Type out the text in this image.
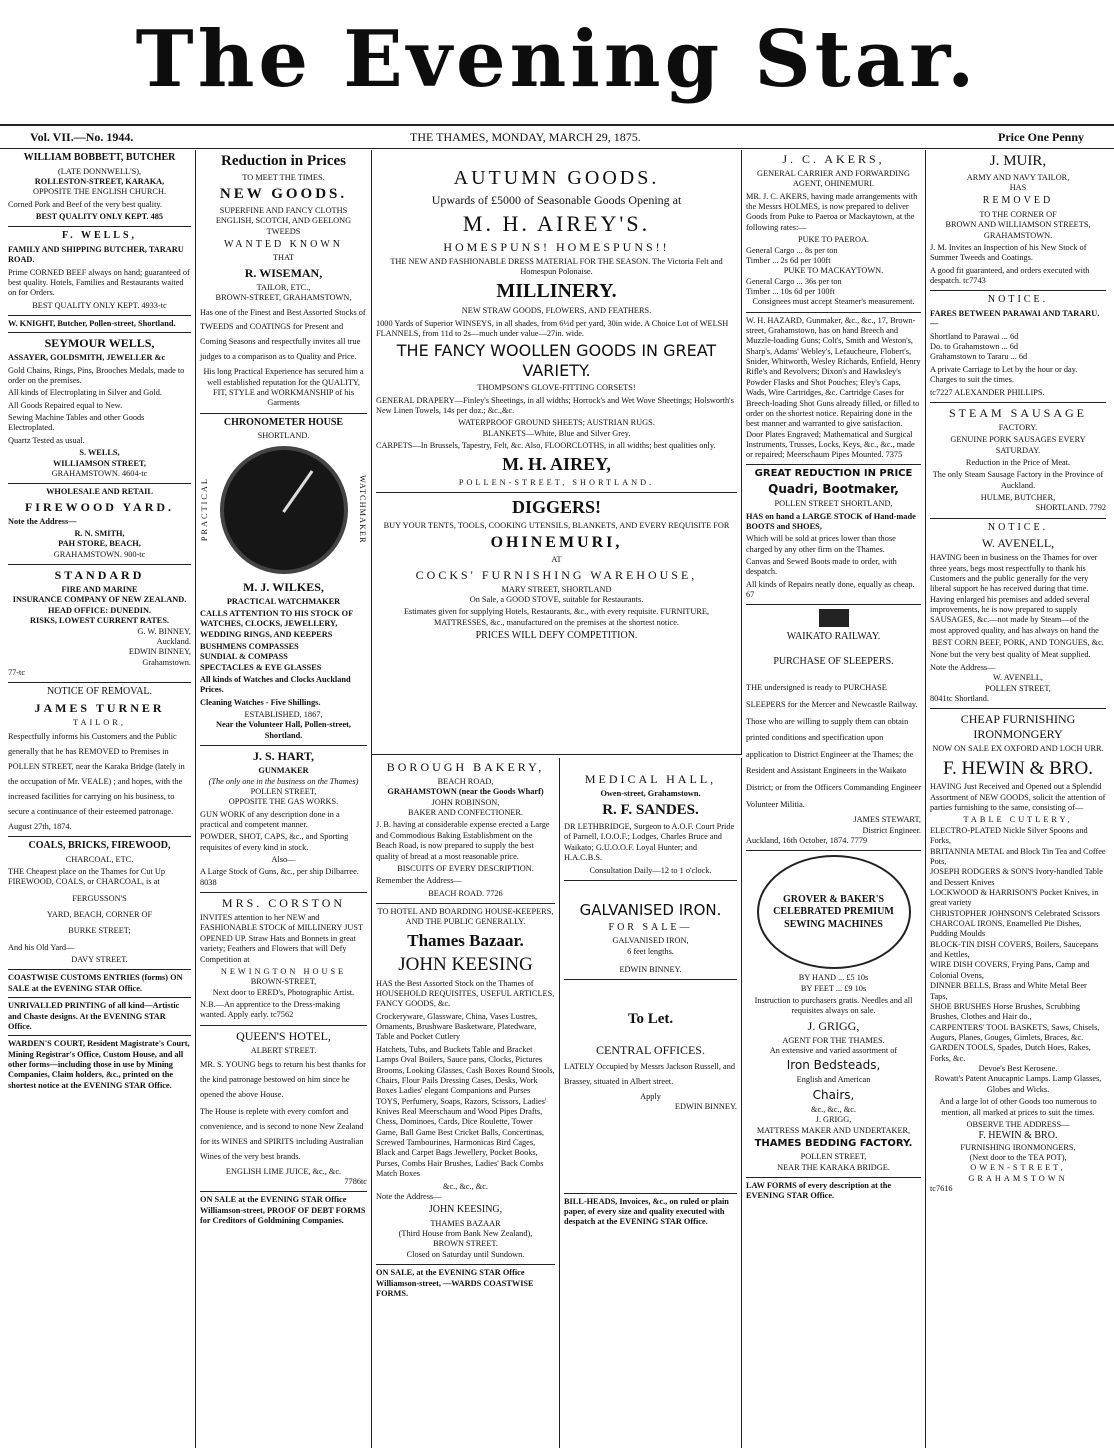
The Evening Star.
Vol. VII.—No. 1944.	THE THAMES, MONDAY, MARCH 29, 1875.	Price One Penny
WILLIAM BOBBETT, BUTCHER
(LATE DONNWELL'S),
ROLLESTON-STREET, KARAKA,
OPPOSITE THE ENGLISH CHURCH.

Corned Pork and Beef of the very best quality.

BEST QUALITY ONLY KEPT. 485
F. WELLS,
FAMILY AND SHIPPING BUTCHER, TARARU ROAD.

Prime CORNED BEEF always on hand; guaranteed of best quality. Hotels, Families and Restaurants waited on for Orders.

BEST QUALITY ONLY KEPT. 4933-tc

W. KNIGHT, Butcher, Pollen-street, Shortland.

SEYMOUR WELLS,
ASSAYER, GOLDSMITH, JEWELLER &c

Gold Chains, Rings, Pins, Brooches Medals, made to order on the premises.

All kinds of Electroplating in Silver and Gold.

All Goods Repaired equal to New.

Sewing Machine Tables and other Goods Electroplated.

Quartz Tested as usual.

S. WELLS,
WILLIAMSON STREET,
GRAHAMSTOWN. 4604-tc
WHOLESALE AND RETAIL
FIREWOOD YARD.

Note the Address—

R. N. SMITH,
PAH STORE, BEACH,
GRAHAMSTOWN. 900-tc
STANDARD
FIRE AND MARINE
INSURANCE COMPANY OF NEW ZEALAND.
HEAD OFFICE: DUNEDIN.
RISKS, LOWEST CURRENT RATES.
G. W. BINNEY,
Auckland.
EDWIN BINNEY,
Grahamstown.
77-tc
NOTICE OF REMOVAL.
JAMES TURNER
TAILOR,

Respectfully informs his Customers and the Public generally that he has REMOVED to Premises in POLLEN STREET, near the Karaka Bridge (lately in the occupation of Mr. VEALE) ; and hopes, with the increased facilities for carrying on his business, to secure a continuance of their esteemed patronage.

August 27th, 1874.

COALS, BRICKS, FIREWOOD,
CHARCOAL, ETC.

THE Cheapest place on the Thames for Cut Up FIREWOOD, COALS, or CHARCOAL, is at

FERGUSSON'S
YARD, BEACH, CORNER OF
BURKE STREET;

And his Old Yard—

DAVY STREET.

COASTWISE CUSTOMS ENTRIES (forms) ON SALE at the EVENING STAR Office.

UNRIVALLED PRINTING of all kind—Artistic and Chaste designs. At the EVENING STAR Office.

WARDEN'S COURT, Resident Magistrate's Court, Mining Registrar's Office, Custom House, and all other forms—including those in use by Mining Companies, Claim holders, &c., printed on the shortest notice at the EVENING STAR Office.

Reduction in Prices
TO MEET THE TIMES.
NEW GOODS.
SUPERFINE AND FANCY CLOTHS
ENGLISH, SCOTCH, AND GEELONG TWEEDS
WANTED KNOWN
THAT
R. WISEMAN,
TAILOR, ETC.,
BROWN-STREET, GRAHAMSTOWN,

Has one of the Finest and Best Assorted Stocks of TWEEDS and COATINGS for Present and Coming Seasons and respectfully invites all true judges to a comparison as to Quality and Price.

His long Practical Experience has secured him a well established reputation for the QUALITY, FIT, STYLE and WORKMANSHIP of his Garments

CHRONOMETER HOUSE
SHORTLAND.
PRACTICAL	WATCHMAKER
M. J. WILKES,
PRACTICAL WATCHMAKER

CALLS ATTENTION TO HIS STOCK OF WATCHES, CLOCKS, JEWELLERY, WEDDING RINGS, AND KEEPERS

BUSHMENS COMPASSES
SUNDIAL & COMPASS
SPECTACLES & EYE GLASSES

All kinds of Watches and Clocks Auckland Prices.

Cleaning Watches - Five Shillings.

ESTABLISHED, 1867,
Near the Volunteer Hall, Pollen-street, Shortland.
J. S. HART,
GUNMAKER
(The only one in the business on the Thames)
POLLEN STREET,
OPPOSITE THE GAS WORKS.

GUN WORK of any description done in a practical and competent manner.

POWDER, SHOT, CAPS, &c., and Sporting requisites of every kind in stock.

Also—

A Large Stock of Guns, &c., per ship Dilbarree. 8038

MRS. CORSTON

INVITES attention to her NEW and FASHIONABLE STOCK of MILLINERY JUST OPENED UP. Straw Hats and Bonnets in great variety; Feathers and Flowers that will Defy Competition at

NEWINGTON HOUSE
BROWN-STREET,
Next door to ERED's, Photographic Artist.

N.B.—An apprentice to the Dress-making wanted. Apply early. tc7562

QUEEN'S HOTEL,
ALBERT STREET.

MR. S. YOUNG begs to return his best thanks for the kind patronage bestowed on him since he opened the above House.

The House is replete with every comfort and convenience, and is second to none New Zealand for its WINES and SPIRITS including Australian Wines of the very best brands.

ENGLISH LIME JUICE, &c., &c.
7786tc

ON SALE at the EVENING STAR Office Williamson-street, PROOF OF DEBT FORMS for Creditors of Goldmining Companies.

AUTUMN GOODS.
Upwards of £5000 of Seasonable Goods Opening at
M. H. AIREY'S.
HOMESPUNS! HOMESPUNS!!

THE NEW AND FASHIONABLE DRESS MATERIAL FOR THE SEASON. The Victoria Felt and Homespun Polonaise.

MILLINERY.
NEW STRAW GOODS, FLOWERS, AND FEATHERS.

1000 Yards of Superior WINSEYS, in all shades, from 6½d per yard, 30in wide. A Choice Lot of WELSH FLANNELS, from 11d to 2s—much under value—27in. wide.

THE FANCY WOOLLEN GOODS IN GREAT VARIETY.
THOMPSON'S GLOVE-FITTING CORSETS!

GENERAL DRAPERY—Finley's Sheetings, in all widths; Horrock's and Wet Wove Sheetings; Holsworth's New Linen Towels, 14s per doz.; &c.,&c.

WATERPROOF GROUND SHEETS; AUSTRIAN RUGS.
BLANKETS—White, Blue and Silver Grey.

CARPETS—In Brussels, Tapestry, Felt, &c. Also, FLOORCLOTHS, in all widths; best qualities only.

M. H. AIREY,
POLLEN-STREET, SHORTLAND.
DIGGERS!

BUY YOUR TENTS, TOOLS, COOKING UTENSILS, BLANKETS, AND EVERY REQUISITE FOR

OHINEMURI,
AT
COCKS' FURNISHING WAREHOUSE,
MARY STREET, SHORTLAND
On Sale, a GOOD STOVE, suitable for Restaurants.

Estimates given for supplying Hotels, Restaurants, &c., with every requisite. FURNITURE, MATTRESSES, &c., manufactured on the premises at the shortest notice.

PRICES WILL DEFY COMPETITION.
BOROUGH BAKERY,
BEACH ROAD,
GRAHAMSTOWN (near the Goods Wharf)
JOHN ROBINSON,
BAKER AND CONFECTIONER.

J. B. having at considerable expense erected a Large and Commodious Baking Establishment on the Beach Road, is now prepared to supply the best quality of bread at a most reasonable price.

BISCUITS OF EVERY DESCRIPTION.

Remember the Address—

BEACH ROAD. 7726
TO HOTEL AND BOARDING HOUSE-KEEPERS, AND THE PUBLIC GENERALLY.
Thames Bazaar.
JOHN KEESING

HAS the Best Assorted Stock on the Thames of HOUSEHOLD REQUISITES, USEFUL ARTICLES, FANCY GOODS, &c.

Crockeryware, Glassware, China, Vases Lustres, Ornaments, Brushware Basketware, Platedware, Table and Pocket Cutlery

Hatchets, Tubs, and Buckets Table and Bracket Lamps Oval Boilers, Sauce pans, Clocks, Pictures Brooms, Looking Glasses, Cash Boxes Round Stools, Chairs, Flour Pails Dressing Cases, Desks, Work Boxes Ladies' elegant Companions and Purses TOYS, Perfumery, Soaps, Razors, Scissors, Ladies' Knives Real Meerschaum and Wood Pipes Drafts, Chess, Dominoes, Cards, Dice Roulette, Tower Game, Ball Game Best Cricket Balls, Concertinas, Screwed Tambourines, Harmonicas Bird Cages, Black and Carpet Bags Jewellery, Pocket Books, Purses, Combs Hair Brushes, Ladies' Back Combs Match Boxes

&c., &c., &c.
Note the Address—
JOHN KEESING,
THAMES BAZAAR
(Third House from Bank New Zealand),
BROWN STREET.
Closed on Saturday until Sundown.

ON SALE, at the EVENING STAR Office Williamson-street, —WARDS COASTWISE FORMS.

MEDICAL HALL,
Owen-street, Grahamstown.
R. F. SANDES.

DR LETHBRIDGE, Surgeon to A.O.F. Court Pride of Parnell, I.O.O.F.; Lodges, Charles Bruce and Waikato; G.U.O.O.F. Loyal Hunter; and H.A.C.B.S.

Consultation Daily—12 to 1 o'clock.
GALVANISED IRON.
FOR SALE—
GALVANISED IRON,
6 feet lengths.
EDWIN BINNEY.
To Let.
CENTRAL OFFICES.

LATELY Occupied by Messrs Jackson Russell, and Brassey, situated in Albert street.

Apply
EDWIN BINNEY.

BILL-HEADS, Invoices, &c., on ruled or plain paper, of every size and quality executed with despatch at the EVENING STAR Office.

J. C. AKERS,
GENERAL CARRIER AND FORWARDING AGENT, OHINEMURI.

MR. J. C. AKERS, having made arrangements with the Messrs HOLMES, is now prepared to deliver Goods from Puke to Paeroa or Mackaytown, at the following rates:—

PUKE TO PAEROA.
General Cargo ... 8s per ton
Timber ... 2s 6d per 100ft
PUKE TO MACKAYTOWN.
General Cargo ... 36s per ton
Timber ... 10s 6d per 100ft
Consignees must accept Steamer's measurement.

W. H. HAZARD, Gunmaker, &c., &c., 17, Brown-street, Grahamstown, has on hand Breech and Muzzle-loading Guns; Colt's, Smith and Weston's, Sharp's, Adams' Webley's, Lefaucheure, Flobert's, Snider, Whitworth, Wesley Richards, Enfield, Henry Rifle's and Revolvers; Dixon's and Hawksley's Powder Flasks and Shot Pouches; Eley's Caps, Wads, Wire Cartridges, &c. Cartridge Cases for Breech-loading Shot Guns already filled, or filled to order on the shortest notice. Repairing done in the best manner and warranted to give satisfaction. Door Plates Engraved; Mathematical and Surgical Instruments, Trusses, Locks, Keys, &c., &c., made or repaired; Meerschaum Pipes Mounted. 7375

GREAT REDUCTION IN PRICE
Quadri, Bootmaker,
POLLEN STREET SHORTLAND,

HAS on hand a LARGE STOCK of Hand-made BOOTS and SHOES,

Which will be sold at prices lower than those charged by any other firm on the Thames.

Canvas and Sewed Boots made to order, with despatch.

All kinds of Repairs neatly done, equally as cheap. 67

WAIKATO RAILWAY.
PURCHASE OF SLEEPERS.

THE undersigned is ready to PURCHASE SLEEPERS for the Mercer and Newcastle Railway. Those who are willing to supply them can obtain printed conditions and specification upon application to District Engineer at the Thames; the Resident and Assistant Engineers in the Waikato District; or from the Officers Commanding Engineer Volunteer Militia.

JAMES STEWART,
District Engineer.
Auckland, 16th October, 1874. 7779
GROVER & BAKER'S CELEBRATED PREMIUM SEWING MACHINES
BY HAND ... £5 10s
BY FEET ... £9 10s

Instruction to purchasers gratis. Needles and all requisites always on sale.

J. GRIGG,
AGENT FOR THE THAMES.
An extensive and varied assortment of
Iron Bedsteads,
English and American
Chairs,
&c., &c., &c.
J. GRIGG,
MATTRESS MAKER AND UNDERTAKER,
THAMES BEDDING FACTORY.
POLLEN STREET,
NEAR THE KARAKA BRIDGE.

LAW FORMS of every description at the EVENING STAR Office.

J. MUIR,
ARMY AND NAVY TAILOR,
HAS
REMOVED
TO THE CORNER OF
BROWN AND WILLIAMSON STREETS, GRAHAMSTOWN.

J. M. Invites an Inspection of his New Stock of Summer Tweeds and Coatings.

A good fit guaranteed, and orders executed with despatch. tc7743

NOTICE.

FARES BETWEEN PARAWAI AND TARARU.—

Shortland to Parawai ... 6d
Do. to Grahamstown ... 6d
Grahamstown to Tararu ... 6d

A private Carriage to Let by the hour or day. Charges to suit the times.

tc7227 ALEXANDER PHILLIPS.
STEAM SAUSAGE
FACTORY.

GENUINE PORK SAUSAGES EVERY SATURDAY.

Reduction in the Price of Meat.

The only Steam Sausage Factory in the Province of Auckland.

HULME, BUTCHER,
SHORTLAND. 7792
NOTICE.
W. AVENELL,

HAVING been in business on the Thames for over three years, begs most respectfully to thank his Customers and the public generally for the very liberal support he has received during that time. Having enlarged his premises and added several improvements, he is now prepared to supply SAUSAGES, &c.—not made by Steam—of the most approved quality, and has always on hand the

BEST CORN BEEF, PORK, AND TONGUES, &c.

None but the very best quality of Meat supplied.

Note the Address—
W. AVENELL,
POLLEN STREET,
8041tc Shortland.
CHEAP FURNISHING IRONMONGERY
NOW ON SALE EX OXFORD AND LOCH URR.
F. HEWIN & BRO.

HAVING Just Received and Opened out a Splendid Assortment of NEW GOODS, solicit the attention of parties furnishing to the same, consisting of—

TABLE CUTLERY,
ELECTRO-PLATED Nickle Silver Spoons and Forks,
BRITANNIA METAL and Block Tin Tea and Coffee Pots,
JOSEPH RODGERS & SON'S Ivory-handled Table and Dessert Knives
LOCKWOOD & HARRISON'S Pocket Knives, in great variety
CHRISTOPHER JOHNSON'S Celebrated Scissors
CHARCOAL IRONS, Enamelled Pie Dishes, Pudding Moulds
BLOCK-TIN DISH COVERS, Boilers, Saucepans and Kettles,
WIRE DISH COVERS, Frying Pans, Camp and Colonial Ovens,
DINNER BELLS, Brass and White Metal Beer Taps,
SHOE BRUSHES Horse Brushes, Scrubbing Brushes, Clothes and Hair do.,
CARPENTERS' TOOL BASKETS, Saws, Chisels, Augurs, Planes, Gouges, Gimlets, Braces, &c.
GARDEN TOOLS, Spades, Dutch Hoes, Rakes, Forks, &c.
Devoe's Best Kerosene.
Rowatt's Patent Anucapnic Lamps. Lamp Glasses, Globes and Wicks.

And a large lot of other Goods too numerous to mention, all marked at prices to suit the times.

OBSERVE THE ADDRESS—
F. HEWIN & BRO.
FURNISHING IRONMONGERS,
(Next door to the TEA POT),
OWEN-STREET, GRAHAMSTOWN
tc7616
